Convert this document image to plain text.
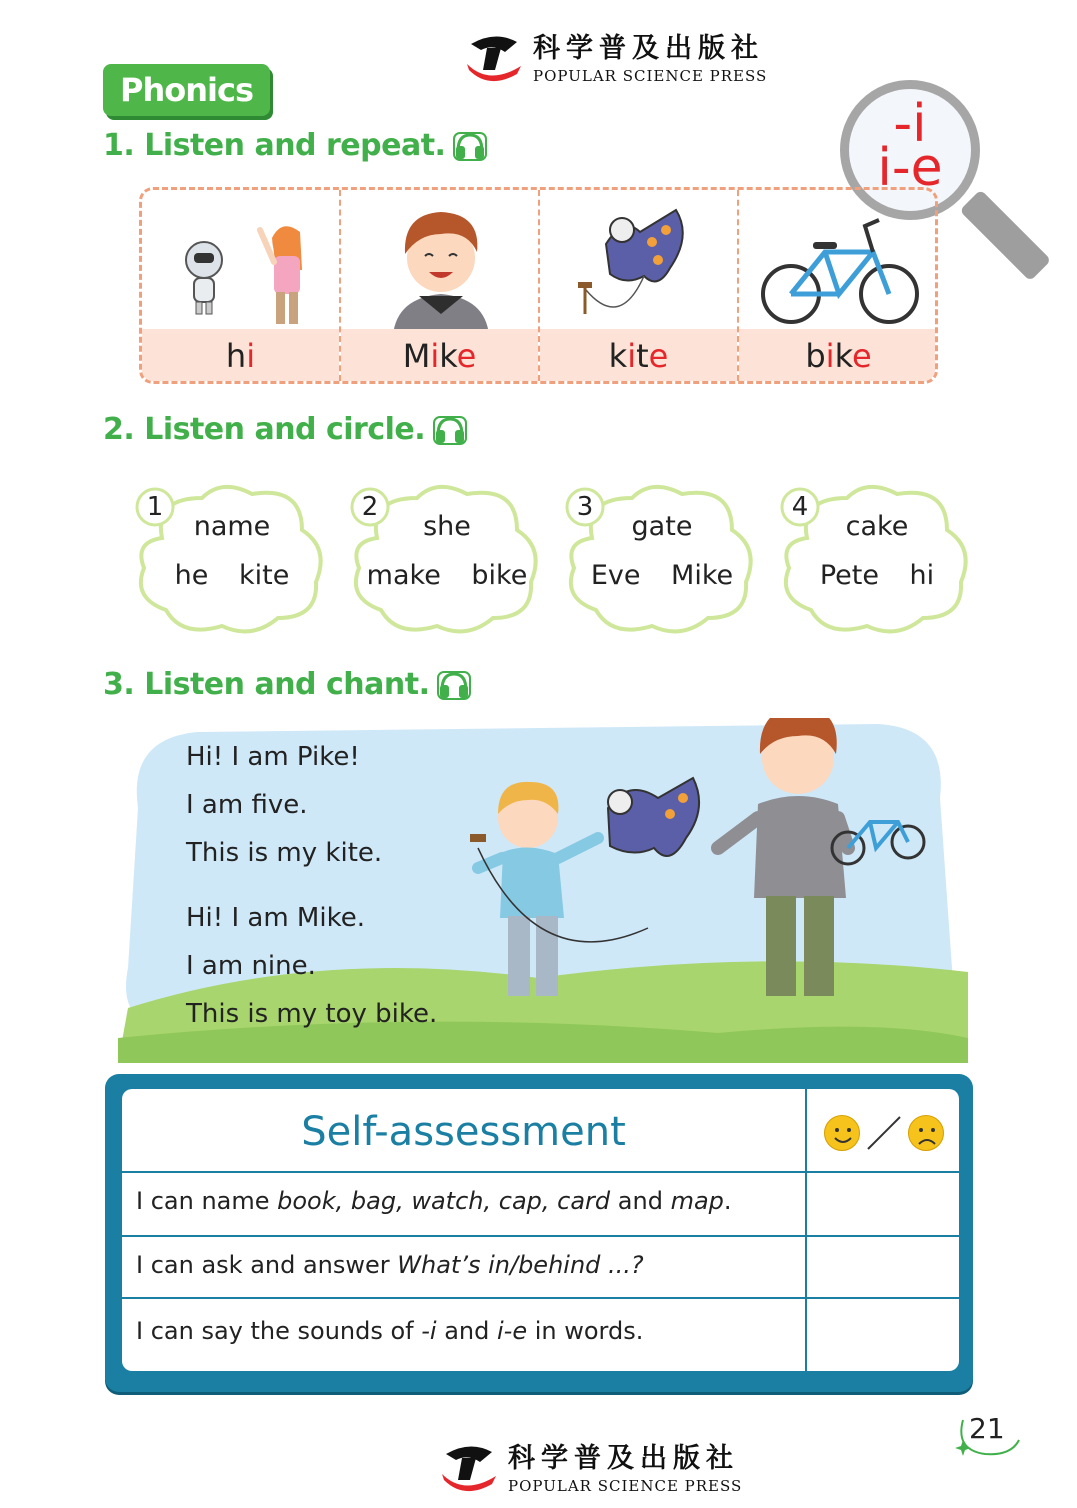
科学普及出版社
POPULAR SCIENCE PRESS
Phonics
1. Listen and repeat.	-i
i-e
hi	Mike	kite	bike
2. Listen and circle.
1
name
he kite
2
she
make bike
3
gate
Eve Mike
4
cake
Pete hi
3. Listen and chant.
Hi! I am Pike!
I am five.
This is my kite.
Hi! I am Mike.
I am nine.
This is my toy bike.
Self-assessment
I can name book, bag, watch, cap, card and map.
I can ask and answer What’s in/behind ...?
I can say the sounds of -i and i-e in words.
21
科学普及出版社
POPULAR SCIENCE PRESS
